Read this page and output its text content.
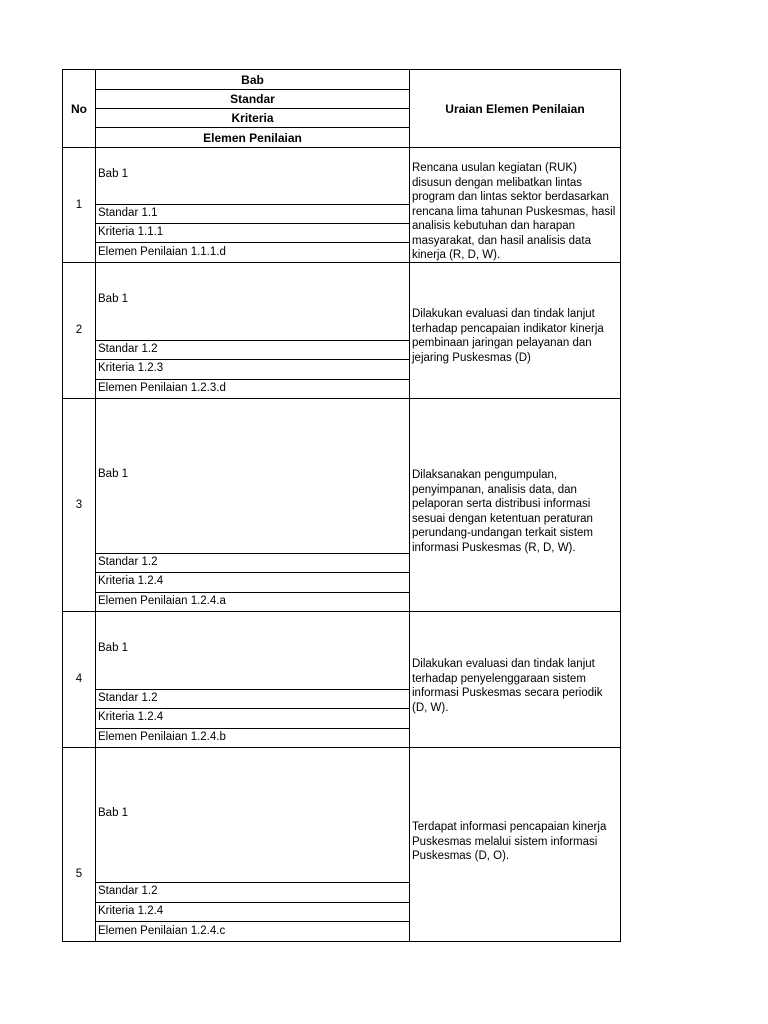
No
Bab
Standar
Kriteria
Elemen Penilaian
Uraian Elemen Penilaian
1
Bab 1
Standar 1.1
Kriteria 1.1.1
Elemen Penilaian 1.1.1.d
Rencana usulan kegiatan (RUK) disusun dengan melibatkan lintas program dan lintas sektor berdasarkan rencana lima tahunan Puskesmas, hasil analisis kebutuhan dan harapan masyarakat, dan hasil analisis data kinerja (R, D, W).
2
Bab 1
Standar 1.2
Kriteria 1.2.3
Elemen Penilaian 1.2.3.d
Dilakukan evaluasi dan tindak lanjut terhadap pencapaian indikator kinerja pembinaan jaringan pelayanan dan jejaring Puskesmas (D)
3
Bab 1
Standar 1.2
Kriteria 1.2.4
Elemen Penilaian 1.2.4.a
Dilaksanakan pengumpulan, penyimpanan, analisis data, dan pelaporan serta distribusi informasi sesuai dengan ketentuan peraturan perundang-undangan terkait sistem informasi Puskesmas (R, D, W).
4
Bab 1
Standar 1.2
Kriteria 1.2.4
Elemen Penilaian 1.2.4.b
Dilakukan evaluasi dan tindak lanjut terhadap penyelenggaraan sistem informasi Puskesmas secara periodik (D, W).
5
Bab 1
Standar 1.2
Kriteria 1.2.4
Elemen Penilaian 1.2.4.c
Terdapat informasi pencapaian kinerja Puskesmas melalui sistem informasi Puskesmas (D, O).
